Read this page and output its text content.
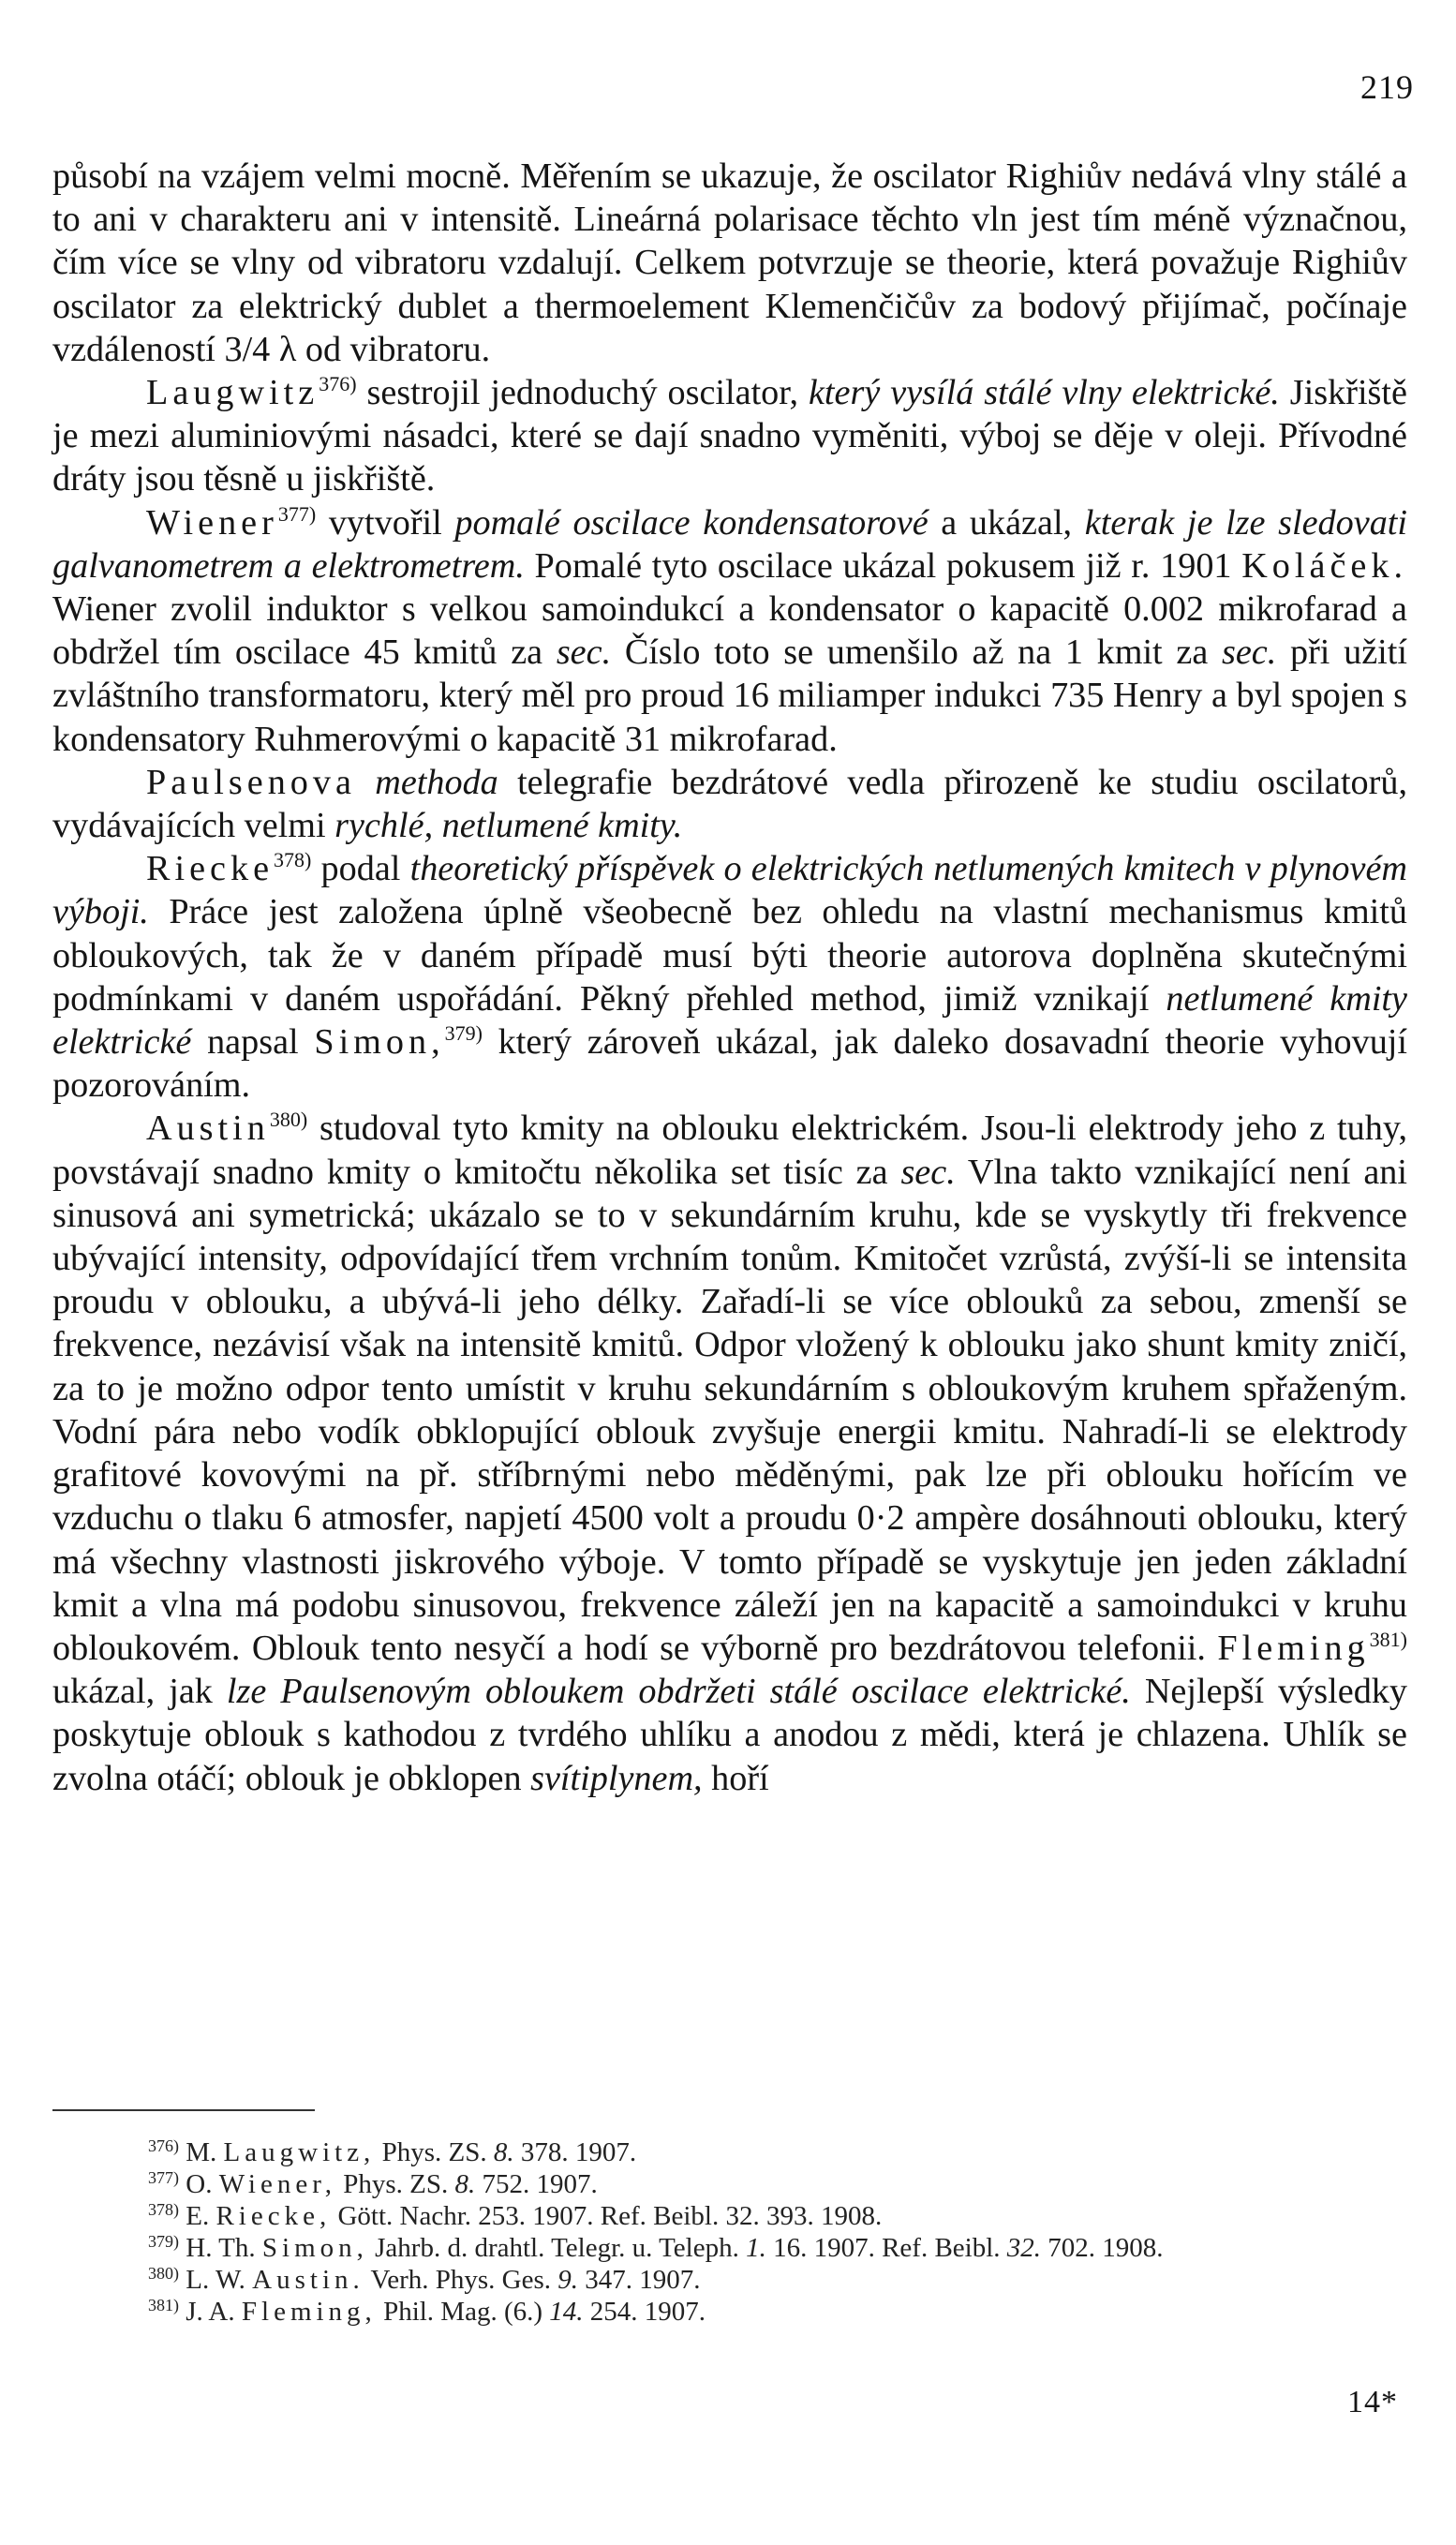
219

působí na vzájem velmi mocně. Měřením se ukazuje, že oscilator Righiův nedává vlny stálé a to ani v charakteru ani v intensitě. Lineárná polarisace těchto vln jest tím méně význačnou, čím více se vlny od vibratoru vzdalují. Celkem potvrzuje se theorie, která považuje Righiův oscilator za elektrický dublet a thermoelement Klemenčičův za bodový přijímač, počínaje vzdáleností 3/4 λ od vibratoru.

Laugwitz$^{376)}$ sestrojil jednoduchý oscilator, který vysílá stálé vlny elektrické. Jiskřiště je mezi aluminiovými násadci, které se dají snadno vyměniti, výboj se děje v oleji. Přívodné dráty jsou těsně u jiskřiště.

Wiener$^{377)}$ vytvořil pomalé oscilace kondensatorové a ukázal, kterak je lze sledovati galvanometrem a elektrometrem. Pomalé tyto oscilace ukázal pokusem již r. 1901 Koláček. Wiener zvolil induktor s velkou samoindukcí a kondensator o kapacitě 0.002 mikrofarad a obdržel tím oscilace 45 kmitů za sec. Číslo toto se umenšilo až na 1 kmit za sec. při užití zvláštního transformatoru, který měl pro proud 16 miliamper indukci 735 Henry a byl spojen s kondensatory Ruhmerovými o kapacitě 31 mikrofarad.

Paulsenova methoda telegrafie bezdrátové vedla přirozeně ke studiu oscilatorů, vydávajících velmi rychlé, netlumené kmity.

Riecke$^{378)}$ podal theoretický příspěvek o elektrických netlumených kmitech v plynovém výboji. Práce jest založena úplně všeobecně bez ohledu na vlastní mechanismus kmitů obloukových, tak že v daném případě musí býti theorie autorova doplněna skutečnými podmínkami v daném uspořádání. Pěkný přehled method, jimiž vznikají netlumené kmity elektrické napsal Simon,$^{379)}$ který zároveň ukázal, jak daleko dosavadní theorie vyhovují pozorováním.

Austin$^{380)}$ studoval tyto kmity na oblouku elektrickém. Jsou-li elektrody jeho z tuhy, povstávají snadno kmity o kmitočtu několika set tisíc za sec. Vlna takto vznikající není ani sinusová ani symetrická; ukázalo se to v sekundárním kruhu, kde se vyskytly tři frekvence ubývající intensity, odpovídající třem vrchním tonům. Kmitočet vzrůstá, zvýší-li se intensita proudu v oblouku, a ubývá-li jeho délky. Zařadí-li se více oblouků za sebou, zmenší se frekvence, nezávisí však na intensitě kmitů. Odpor vložený k oblouku jako shunt kmity zničí, za to je možno odpor tento umístit v kruhu sekundárním s obloukovým kruhem spřaženým. Vodní pára nebo vodík obklopující oblouk zvyšuje energii kmitu. Nahradí-li se elektrody grafitové kovovými na př. stříbrnými nebo měděnými, pak lze při oblouku hořícím ve vzduchu o tlaku 6 atmosfer, napjetí 4500 volt a proudu 0·2 ampère dosáhnouti oblouku, který má všechny vlastnosti jiskrového výboje. V tomto případě se vyskytuje jen jeden základní kmit a vlna má podobu sinusovou, frekvence záleží jen na kapacitě a samoindukci v kruhu obloukovém. Oblouk tento nesyčí a hodí se výborně pro bezdrátovou telefonii. Fleming$^{381)}$ ukázal, jak lze Paulsenovým obloukem obdržeti stálé oscilace elektrické. Nejlepší výsledky poskytuje oblouk s kathodou z tvrdého uhlíku a anodou z mědi, která je chlazena. Uhlík se zvolna otáčí; oblouk je obklopen svítiplynem, hoří

$^{376)}$ M. Laugwitz, Phys. ZS. 8. 378. 1907.

$^{377)}$ O. Wiener, Phys. ZS. 8. 752. 1907.

$^{378)}$ E. Riecke, Gött. Nachr. 253. 1907. Ref. Beibl. 32. 393. 1908.

$^{379)}$ H. Th. Simon, Jahrb. d. drahtl. Telegr. u. Teleph. 1. 16. 1907. Ref. Beibl. 32. 702. 1908.

$^{380)}$ L. W. Austin. Verh. Phys. Ges. 9. 347. 1907.

$^{381)}$ J. A. Fleming, Phil. Mag. (6.) 14. 254. 1907.

14*
